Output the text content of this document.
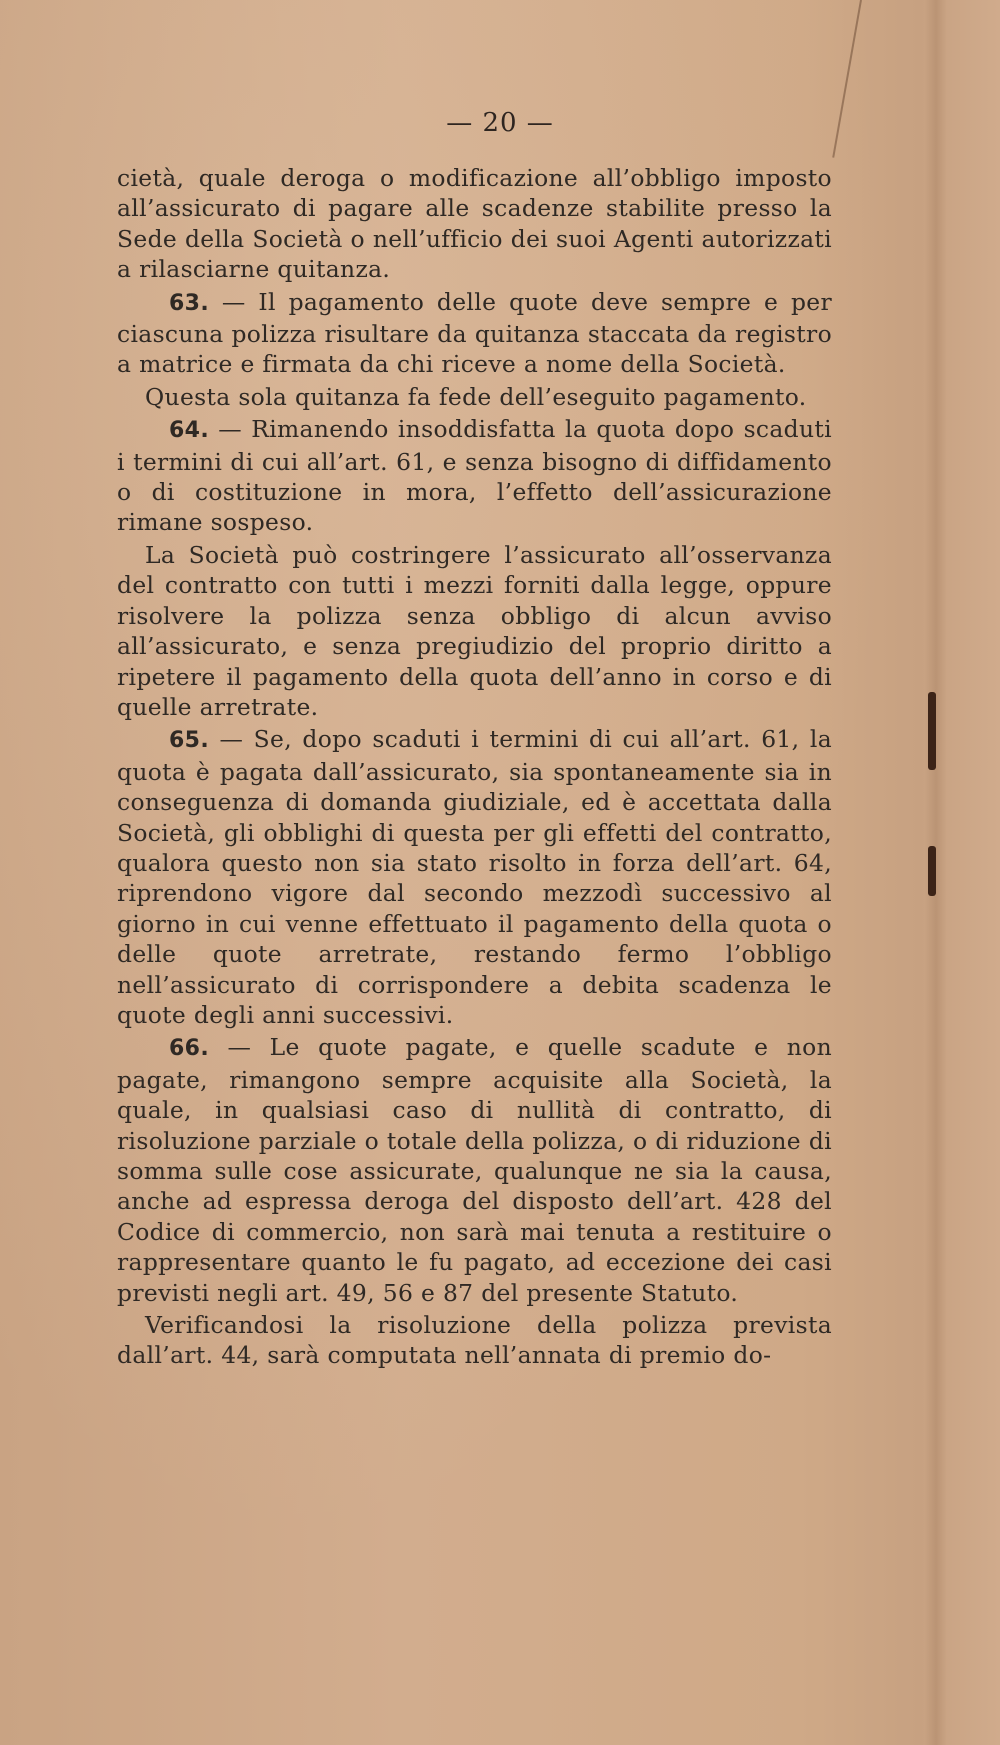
— 20 —

cietà, quale deroga o modificazione all’obbligo imposto all’assicurato di pagare alle scadenze stabilite presso la Sede della Società o nell’ufficio dei suoi Agenti autorizzati a rilasciarne quitanza.

63. — Il pagamento delle quote deve sempre e per ciascuna polizza risultare da quitanza staccata da registro a matrice e firmata da chi riceve a nome della Società.

Questa sola quitanza fa fede dell’eseguito pagamento.

64. — Rimanendo insoddisfatta la quota dopo scaduti i termini di cui all’art. 61, e senza bisogno di diffidamento o di costituzione in mora, l’effetto dell’assicurazione rimane sospeso.

La Società può costringere l’assicurato all’osservanza del contratto con tutti i mezzi forniti dalla legge, oppure risolvere la polizza senza obbligo di alcun avviso all’assicurato, e senza pregiudizio del proprio diritto a ripetere il pagamento della quota dell’anno in corso e di quelle arretrate.

65. — Se, dopo scaduti i termini di cui all’art. 61, la quota è pagata dall’assicurato, sia spontaneamente sia in conseguenza di domanda giudiziale, ed è accettata dalla Società, gli obblighi di questa per gli effetti del contratto, qualora questo non sia stato risolto in forza dell’art. 64, riprendono vigore dal secondo mezzodì successivo al giorno in cui venne effettuato il pagamento della quota o delle quote arretrate, restando fermo l’obbligo nell’assicurato di corrispondere a debita scadenza le quote degli anni successivi.

66. — Le quote pagate, e quelle scadute e non pagate, rimangono sempre acquisite alla Società, la quale, in qualsiasi caso di nullità di contratto, di risoluzione parziale o totale della polizza, o di riduzione di somma sulle cose assicurate, qualunque ne sia la causa, anche ad espressa deroga del disposto dell’art. 428 del Codice di commercio, non sarà mai tenuta a restituire o rappresentare quanto le fu pagato, ad eccezione dei casi previsti negli art. 49, 56 e 87 del presente Statuto.

Verificandosi la risoluzione della polizza prevista dall’art. 44, sarà computata nell’annata di premio do-
